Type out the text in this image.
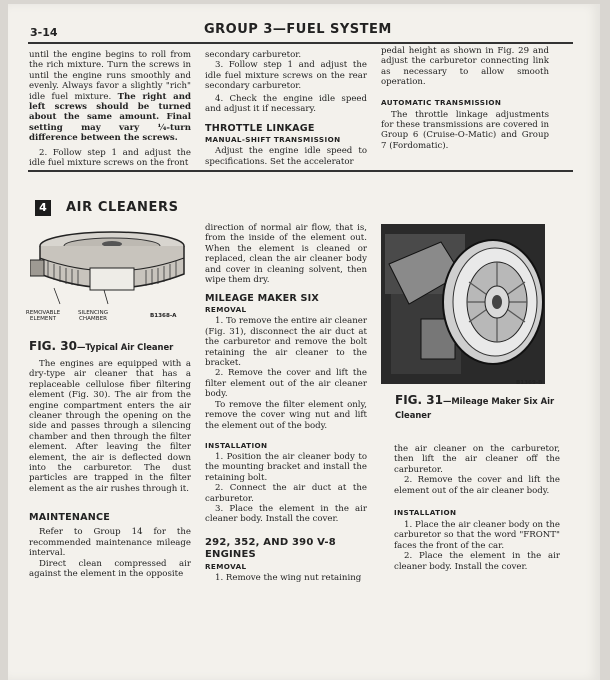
3-14	GROUP 3—FUEL SYSTEM

until the engine begins to roll from the rich mixture. Turn the screws in until the engine runs smoothly and evenly. Always favor a slightly "rich" idle fuel mixture. The right and left screws should be turned about the same amount. Final setting may vary ¼-turn difference between the screws.

2. Follow step 1 and adjust the idle fuel mixture screws on the front

secondary carburetor.

3. Follow step 1 and adjust the idle fuel mixture screws on the rear secondary carburetor.

4. Check the engine idle speed and adjust it if necessary.

THROTTLE LINKAGE

MANUAL-SHIFT TRANSMISSION

Adjust the engine idle speed to specifications. Set the accelerator

pedal height as shown in Fig. 29 and adjust the carburetor connecting link as necessary to allow smooth operation.

AUTOMATIC TRANSMISSION

The throttle linkage adjustments for these transmissions are covered in Group 6 (Cruise-O-Matic) and Group 7 (Fordomatic).

4	AIR CLEANERS
REMOVABLE ELEMENT
SILENCING CHAMBER
B1368-A
FIG. 30—Typical Air Cleaner

The engines are equipped with a dry-type air cleaner that has a replaceable cellulose fiber filtering element (Fig. 30). The air from the engine compartment enters the air cleaner through the opening on the side and passes through a silencing chamber and then through the filter element. After leaving the filter element, the air is deflected down into the carburetor. The dust particles are trapped in the filter element as the air rushes through it.

MAINTENANCE

Refer to Group 14 for the recommended maintenance mileage interval.

Direct clean compressed air against the element in the opposite

direction of normal air flow, that is, from the inside of the element out. When the element is cleaned or replaced, clean the air cleaner body and cover in cleaning solvent, then wipe them dry.

MILEAGE MAKER SIX

REMOVAL

1. To remove the entire air cleaner (Fig. 31), disconnect the air duct at the carburetor and remove the bolt retaining the air cleaner to the bracket.

2. Remove the cover and lift the filter element out of the air cleaner body.

To remove the filter element only, remove the cover wing nut and lift the element out of the body.

INSTALLATION

1. Position the air cleaner body to the mounting bracket and install the retaining bolt.

2. Connect the air duct at the carburetor.

3. Place the element in the air cleaner body. Install the cover.

292, 352, AND 390 V-8 ENGINES

REMOVAL

1. Remove the wing nut retaining

B1369-B
FIG. 31—Mileage Maker Six Air Cleaner

the air cleaner on the carburetor, then lift the air cleaner off the carburetor.

2. Remove the cover and lift the element out of the air cleaner body.

INSTALLATION

1. Place the air cleaner body on the carburetor so that the word "FRONT" faces the front of the car.

2. Place the element in the air cleaner body. Install the cover.
